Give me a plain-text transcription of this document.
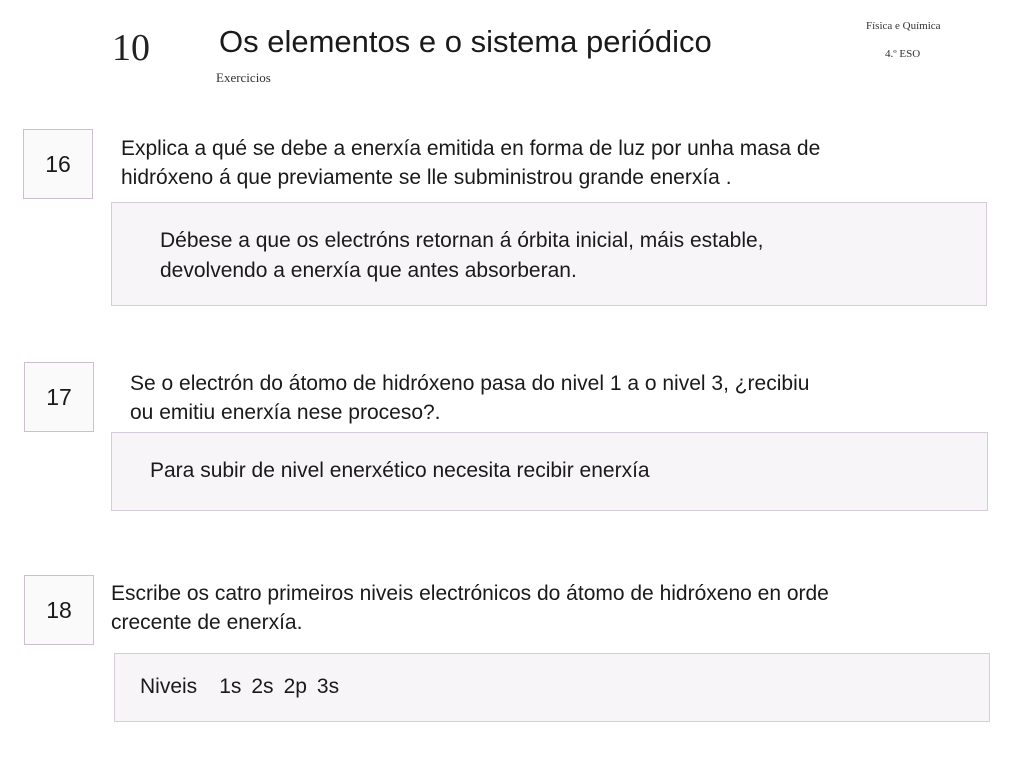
10 Os elementos e o sistema periódico
Exercicios
Física e Química
4.º ESO
16
Explica a qué se debe a enerxía emitida en forma de luz por unha masa de
hidróxeno á que previamente se lle subministrou grande enerxía .
Débese a que os electróns retornan á órbita inicial, máis estable,
devolvendo a enerxía que antes absorberan.
17	Se o electrón do átomo de hidróxeno pasa do nivel 1 a o nivel 3, ¿recibiu
ou emitiu enerxía nese proceso?.
Para subir de nivel enerxético necesita recibir enerxía
18
Escribe os catro primeiros niveis electrónicos do átomo de hidróxeno en orde
crecente de enerxía.
Niveis 1s 2s 2p 3s
